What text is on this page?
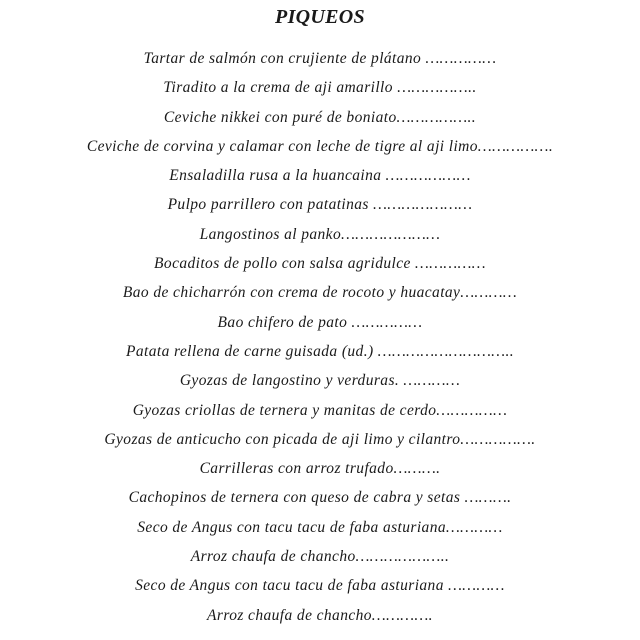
PIQUEOS
Tartar de salmón con crujiente de plátano ……………
Tiradito a la crema de aji amarillo ……………..
Ceviche nikkei con puré de boniato……………..
Ceviche de corvina y calamar con leche de tigre al aji limo…………….
Ensaladilla rusa a la huancaina ………………
Pulpo parrillero con patatinas …………………
Langostinos al panko…………………
Bocaditos de pollo con salsa agridulce ……………
Bao de chicharrón con crema de rocoto y huacatay…………
Bao chifero de pato ……………
Patata rellena de carne guisada (ud.) ………………………..
Gyozas de langostino y verduras. …………
Gyozas criollas de ternera y manitas de cerdo……………
Gyozas de anticucho con picada de aji limo y cilantro…………….
Carrilleras con arroz trufado……….
Cachopinos de ternera con queso de cabra y setas ……….
Seco de Angus con tacu tacu de faba asturiana…………
Arroz chaufa de chancho………………..
Seco de Angus con tacu tacu de faba asturiana …………
Arroz chaufa de chancho………….
